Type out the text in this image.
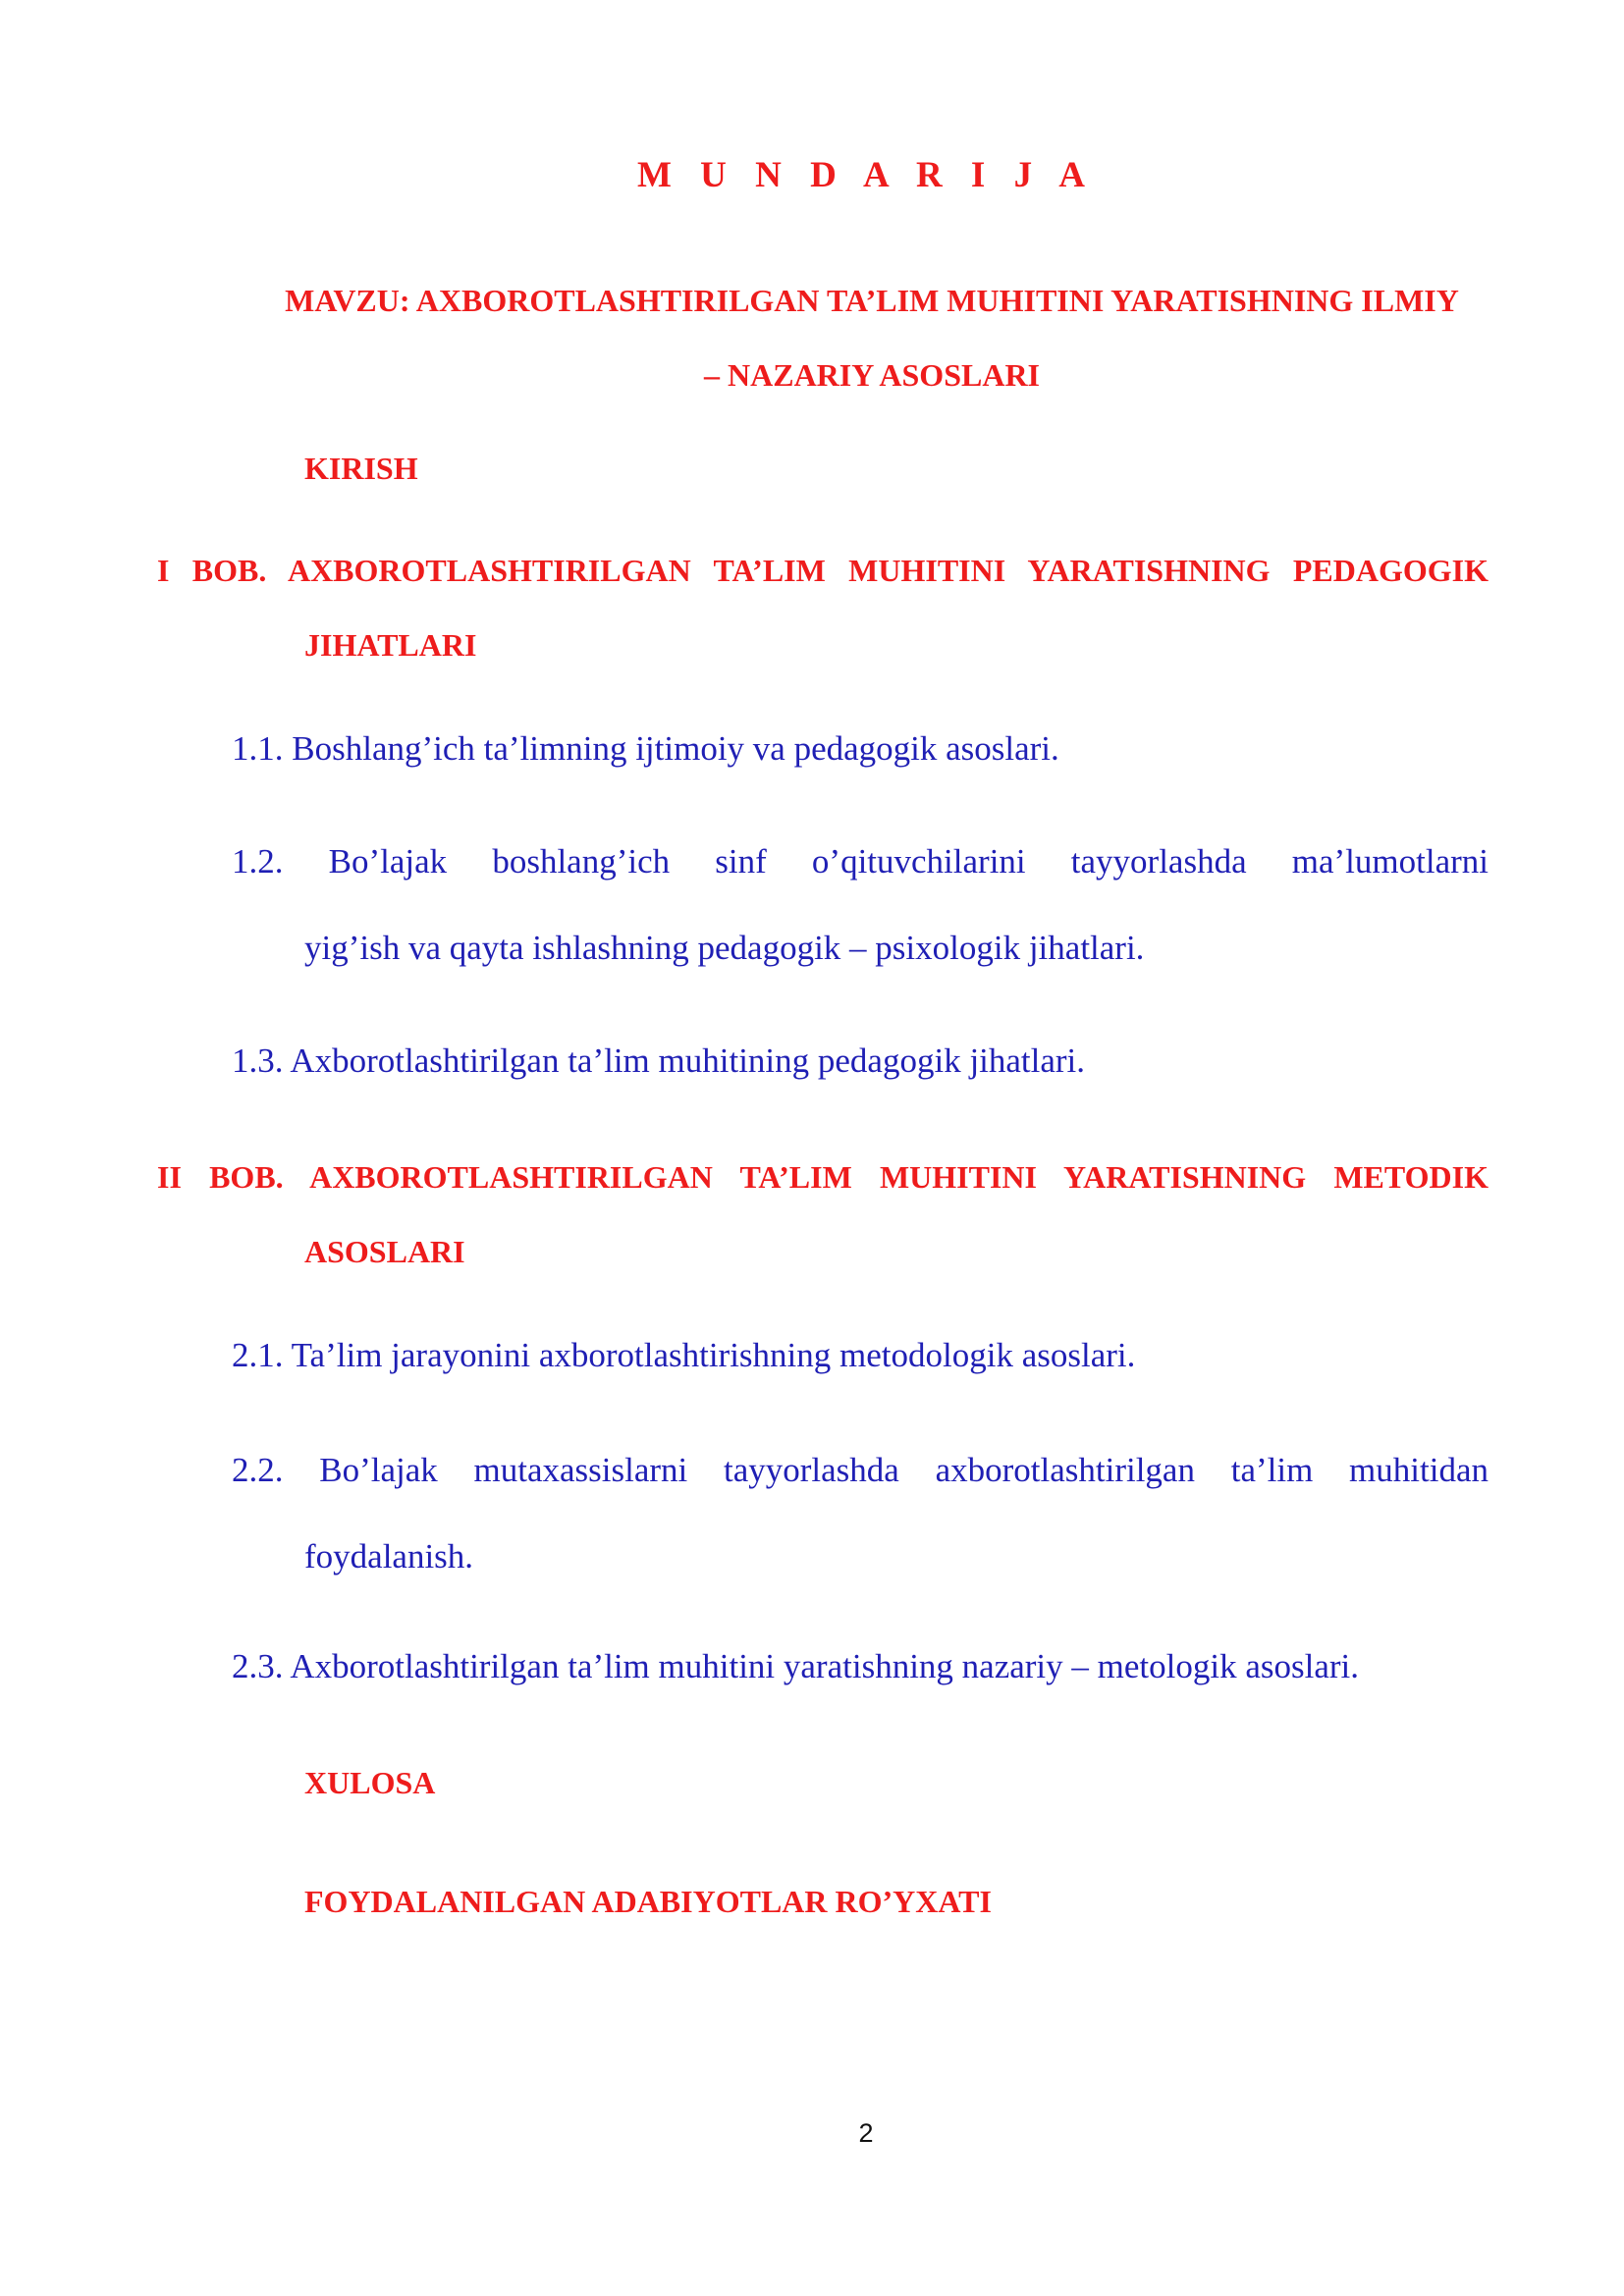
M U N D A R I J A
MAVZU: AXBOROTLASHTIRILGAN TA’LIM MUHITINI YARATISHNING ILMIY
– NAZARIY ASOSLARI
KIRISH
I BOB. AXBOROTLASHTIRILGAN TA’LIM MUHITINI YARATISHNING PEDAGOGIK
JIHATLARI
1.1. Boshlang’ich ta’limning ijtimoiy va pedagogik asoslari.
1.2. Bo’lajak boshlang’ich sinf o’qituvchilarini tayyorlashda ma’lumotlarni
yig’ish va qayta ishlashning pedagogik – psixologik jihatlari.
1.3. Axborotlashtirilgan ta’lim muhitining pedagogik jihatlari.
II BOB. AXBOROTLASHTIRILGAN TA’LIM MUHITINI YARATISHNING METODIK
ASOSLARI
2.1. Ta’lim jarayonini axborotlashtirishning metodologik asoslari.
2.2. Bo’lajak mutaxassislarni tayyorlashda axborotlashtirilgan ta’lim muhitidan
foydalanish.
2.3. Axborotlashtirilgan ta’lim muhitini yaratishning nazariy – metologik asoslari.
XULOSA
FOYDALANILGAN ADABIYOTLAR RO’YXATI
2
